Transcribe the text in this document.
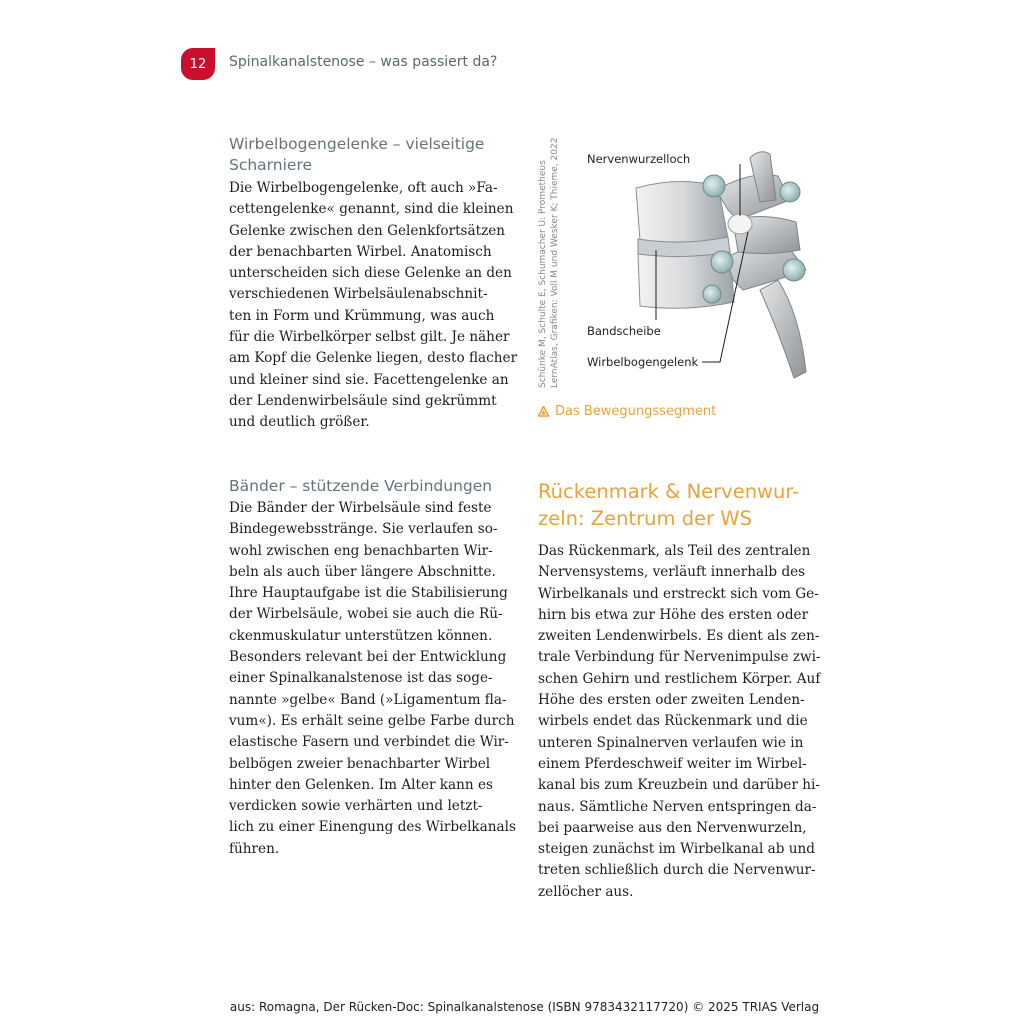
12	Spinalkanalstenose – was passiert da?
Wirbelbogengelenke – vielseitige
Scharniere
Die Wirbelbogengelenke, oft auch »Fa-
cettengelenke« genannt, sind die kleinen
Gelenke zwischen den Gelenkfortsätzen
der benachbarten Wirbel. Anatomisch
unterscheiden sich diese Gelenke an den
verschiedenen Wirbelsäulenabschnit-
ten in Form und Krümmung, was auch
für die Wirbelkörper selbst gilt. Je näher
am Kopf die Gelenke liegen, desto flacher
und kleiner sind sie. Facettengelenke an
der Lendenwirbelsäule sind gekrümmt
und deutlich größer.
Schünke M, Schulte E, Schumacher U: Prometheus LernAtlas, Grafiken: Voll M und Wesker K; Thieme, 2022 Nervenwurzelloch
Bandscheibe
Wirbelbogengelenk
Das Bewegungssegment
Bänder – stützende Verbindungen
Die Bänder der Wirbelsäule sind feste
Bindegewebsstränge. Sie verlaufen so-
wohl zwischen eng benachbarten Wir-
beln als auch über längere Abschnitte.
Ihre Hauptaufgabe ist die Stabilisierung
der Wirbelsäule, wobei sie auch die Rü-
ckenmuskulatur unterstützen können.
Besonders relevant bei der Entwicklung
einer Spinalkanalstenose ist das soge-
nannte »gelbe« Band (»Ligamentum fla-
vum«). Es erhält seine gelbe Farbe durch
elastische Fasern und verbindet die Wir-
belbögen zweier benachbarter Wirbel
hinter den Gelenken. Im Alter kann es
verdicken sowie verhärten und letzt-
lich zu einer Einengung des Wirbelkanals
führen.
Rückenmark & Nervenwur-
zeln: Zentrum der WS
Das Rückenmark, als Teil des zentralen
Nervensystems, verläuft innerhalb des
Wirbelkanals und erstreckt sich vom Ge-
hirn bis etwa zur Höhe des ersten oder
zweiten Lendenwirbels. Es dient als zen-
trale Verbindung für Nervenimpulse zwi-
schen Gehirn und restlichem Körper. Auf
Höhe des ersten oder zweiten Lenden-
wirbels endet das Rückenmark und die
unteren Spinalnerven verlaufen wie in
einem Pferdeschweif weiter im Wirbel-
kanal bis zum Kreuzbein und darüber hi-
naus. Sämtliche Nerven entspringen da-
bei paarweise aus den Nervenwurzeln,
steigen zunächst im Wirbelkanal ab und
treten schließlich durch die Nervenwur-
zellöcher aus.
aus: Romagna, Der Rücken-Doc: Spinalkanalstenose (ISBN 9783432117720) © 2025 TRIAS Verlag
